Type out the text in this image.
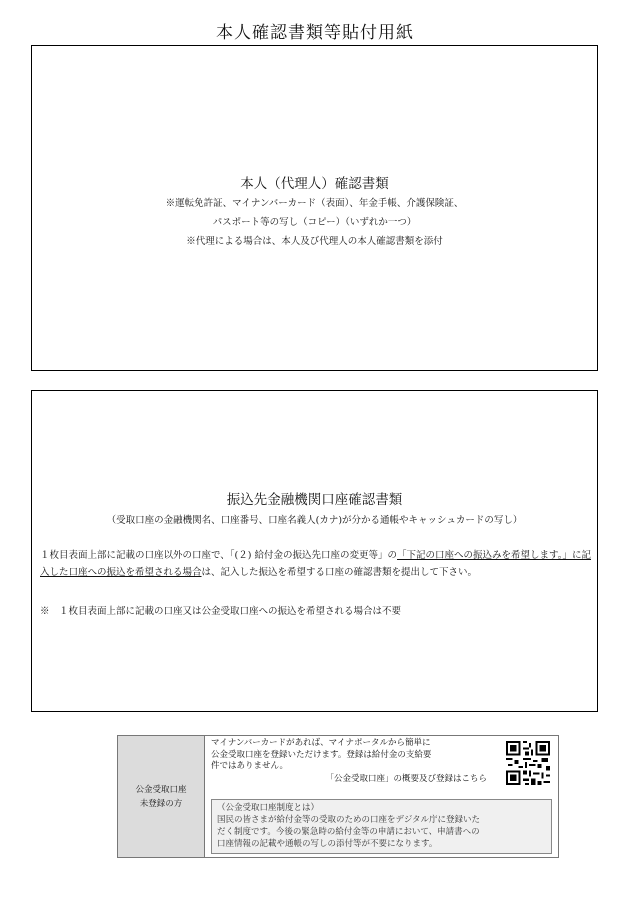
本人確認書類等貼付用紙
本人（代理人）確認書類
※運転免許証、マイナンバーカード（表面）、年金手帳、介護保険証、
パスポート等の写し（コピー）（いずれか一つ）
※代理による場合は、本人及び代理人の本人確認書類を添付
振込先金融機関口座確認書類
（受取口座の金融機関名、口座番号、口座名義人(カナ)が分かる通帳やキャッシュカードの写し）
１枚目表面上部に記載の口座以外の口座で、「(２) 給付金の振込先口座の変更等」の「下記の口座への振込みを希望します。」に記入した口座への振込を希望される場合は、記入した振込を希望する口座の確認書類を提出して下さい。
※　１枚目表面上部に記載の口座又は公金受取口座への振込を希望される場合は不要
公金受取口座
未登録の方
マイナンバーカードがあれば、マイナポータルから簡単に
公金受取口座を登録いただけます。登録は給付金の支給要
件ではありません。
「公金受取口座」の概要及び登録はこちら
（公金受取口座制度とは）
国民の皆さまが給付金等の受取のための口座をデジタル庁に登録いた
だく制度です。今後の緊急時の給付金等の申請において、申請書への
口座情報の記載や通帳の写しの添付等が不要になります。
